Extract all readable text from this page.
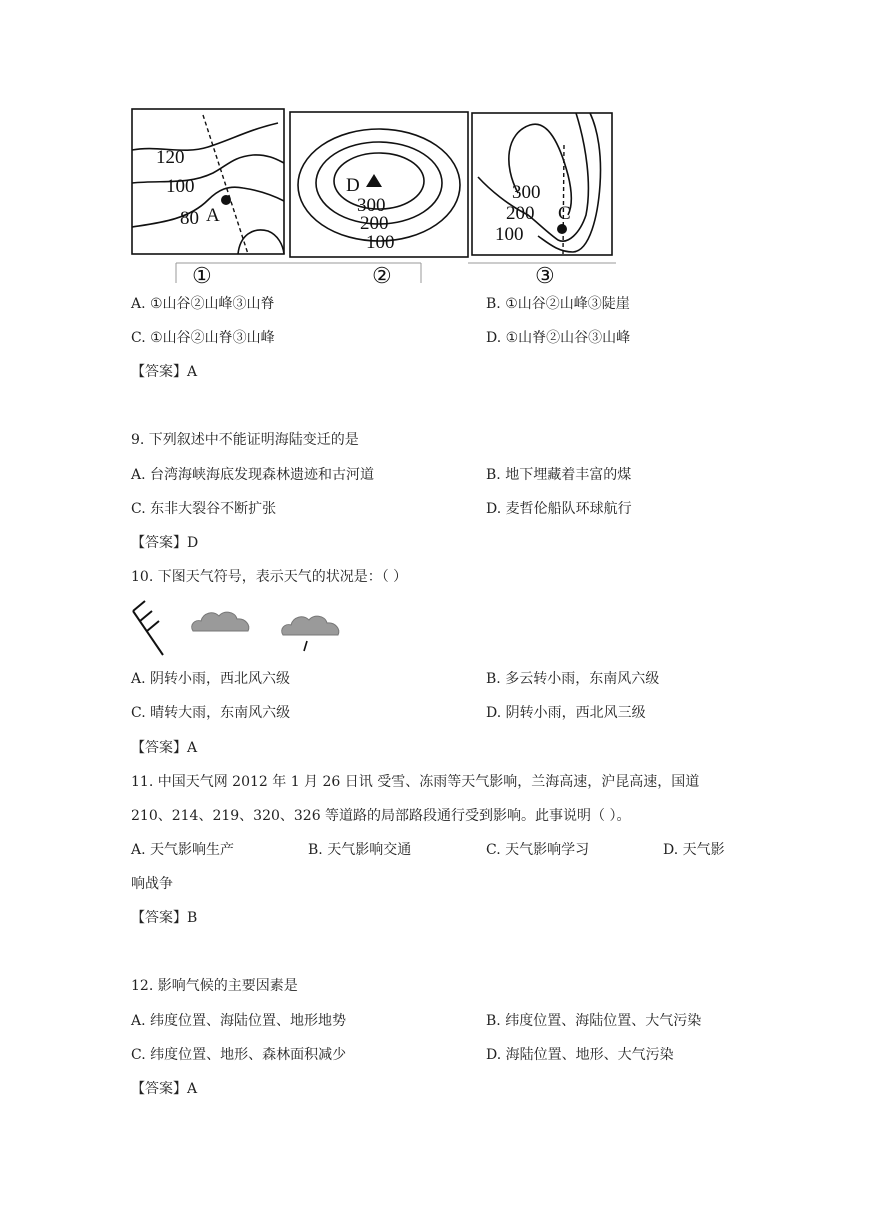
120
100
80 A
D
300
200
100
300
200
100
C
①	②	③
A. ①山谷②山峰③山脊	B. ①山谷②山峰③陡崖
C. ①山谷②山脊③山峰	D. ①山脊②山谷③山峰
【答案】A
9. 下列叙述中不能证明海陆变迁的是
A. 台湾海峡海底发现森林遗迹和古河道	B. 地下埋藏着丰富的煤
C. 东非大裂谷不断扩张	D. 麦哲伦船队环球航行
【答案】D
10. 下图天气符号，表示天气的状况是：（ ）
A. 阴转小雨，西北风六级	B. 多云转小雨，东南风六级
C. 晴转大雨，东南风六级	D. 阴转小雨，西北风三级
【答案】A
11. 中国天气网 2012 年 1 月 26 日讯 受雪、冻雨等天气影响，兰海高速，沪昆高速，国道
210、214、219、320、326 等道路的局部路段通行受到影响。此事说明（ ）。
A. 天气影响生产	B. 天气影响交通	C. 天气影响学习	D. 天气影
响战争
【答案】B
12. 影响气候的主要因素是
A. 纬度位置、海陆位置、地形地势	B. 纬度位置、海陆位置、大气污染
C. 纬度位置、地形、森林面积减少	D. 海陆位置、地形、大气污染
【答案】A
